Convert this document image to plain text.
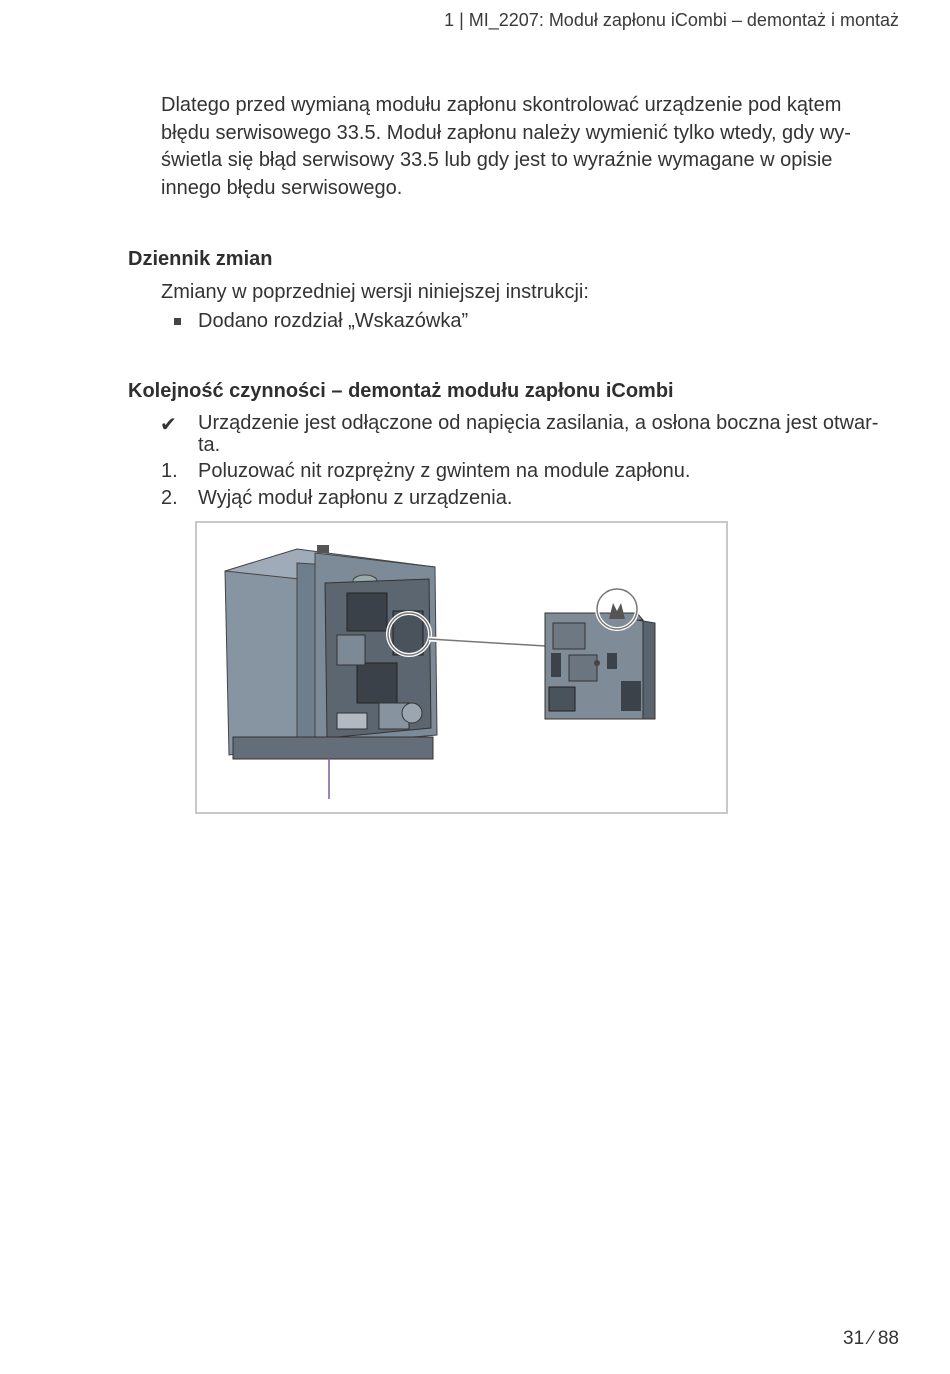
1 | MI_2207: Moduł zapłonu iCombi – demontaż i montaż
Dlatego przed wymianą modułu zapłonu skontrolować urządzenie pod kątem
błędu serwisowego 33.5. Moduł zapłonu należy wymienić tylko wtedy, gdy wy-
świetla się błąd serwisowy 33.5 lub gdy jest to wyraźnie wymagane w opisie
innego błędu serwisowego.
Dziennik zmian
Zmiany w poprzedniej wersji niniejszej instrukcji:
Dodano rozdział „Wskazówka”
Kolejność czynności – demontaż modułu zapłonu iCombi
✔ Urządzenie jest odłączone od napięcia zasilania, a osłona boczna jest otwar-
ta.
1. Poluzować nit rozprężny z gwintem na module zapłonu.
2. Wyjąć moduł zapłonu z urządzenia.
31 ⁄ 88
